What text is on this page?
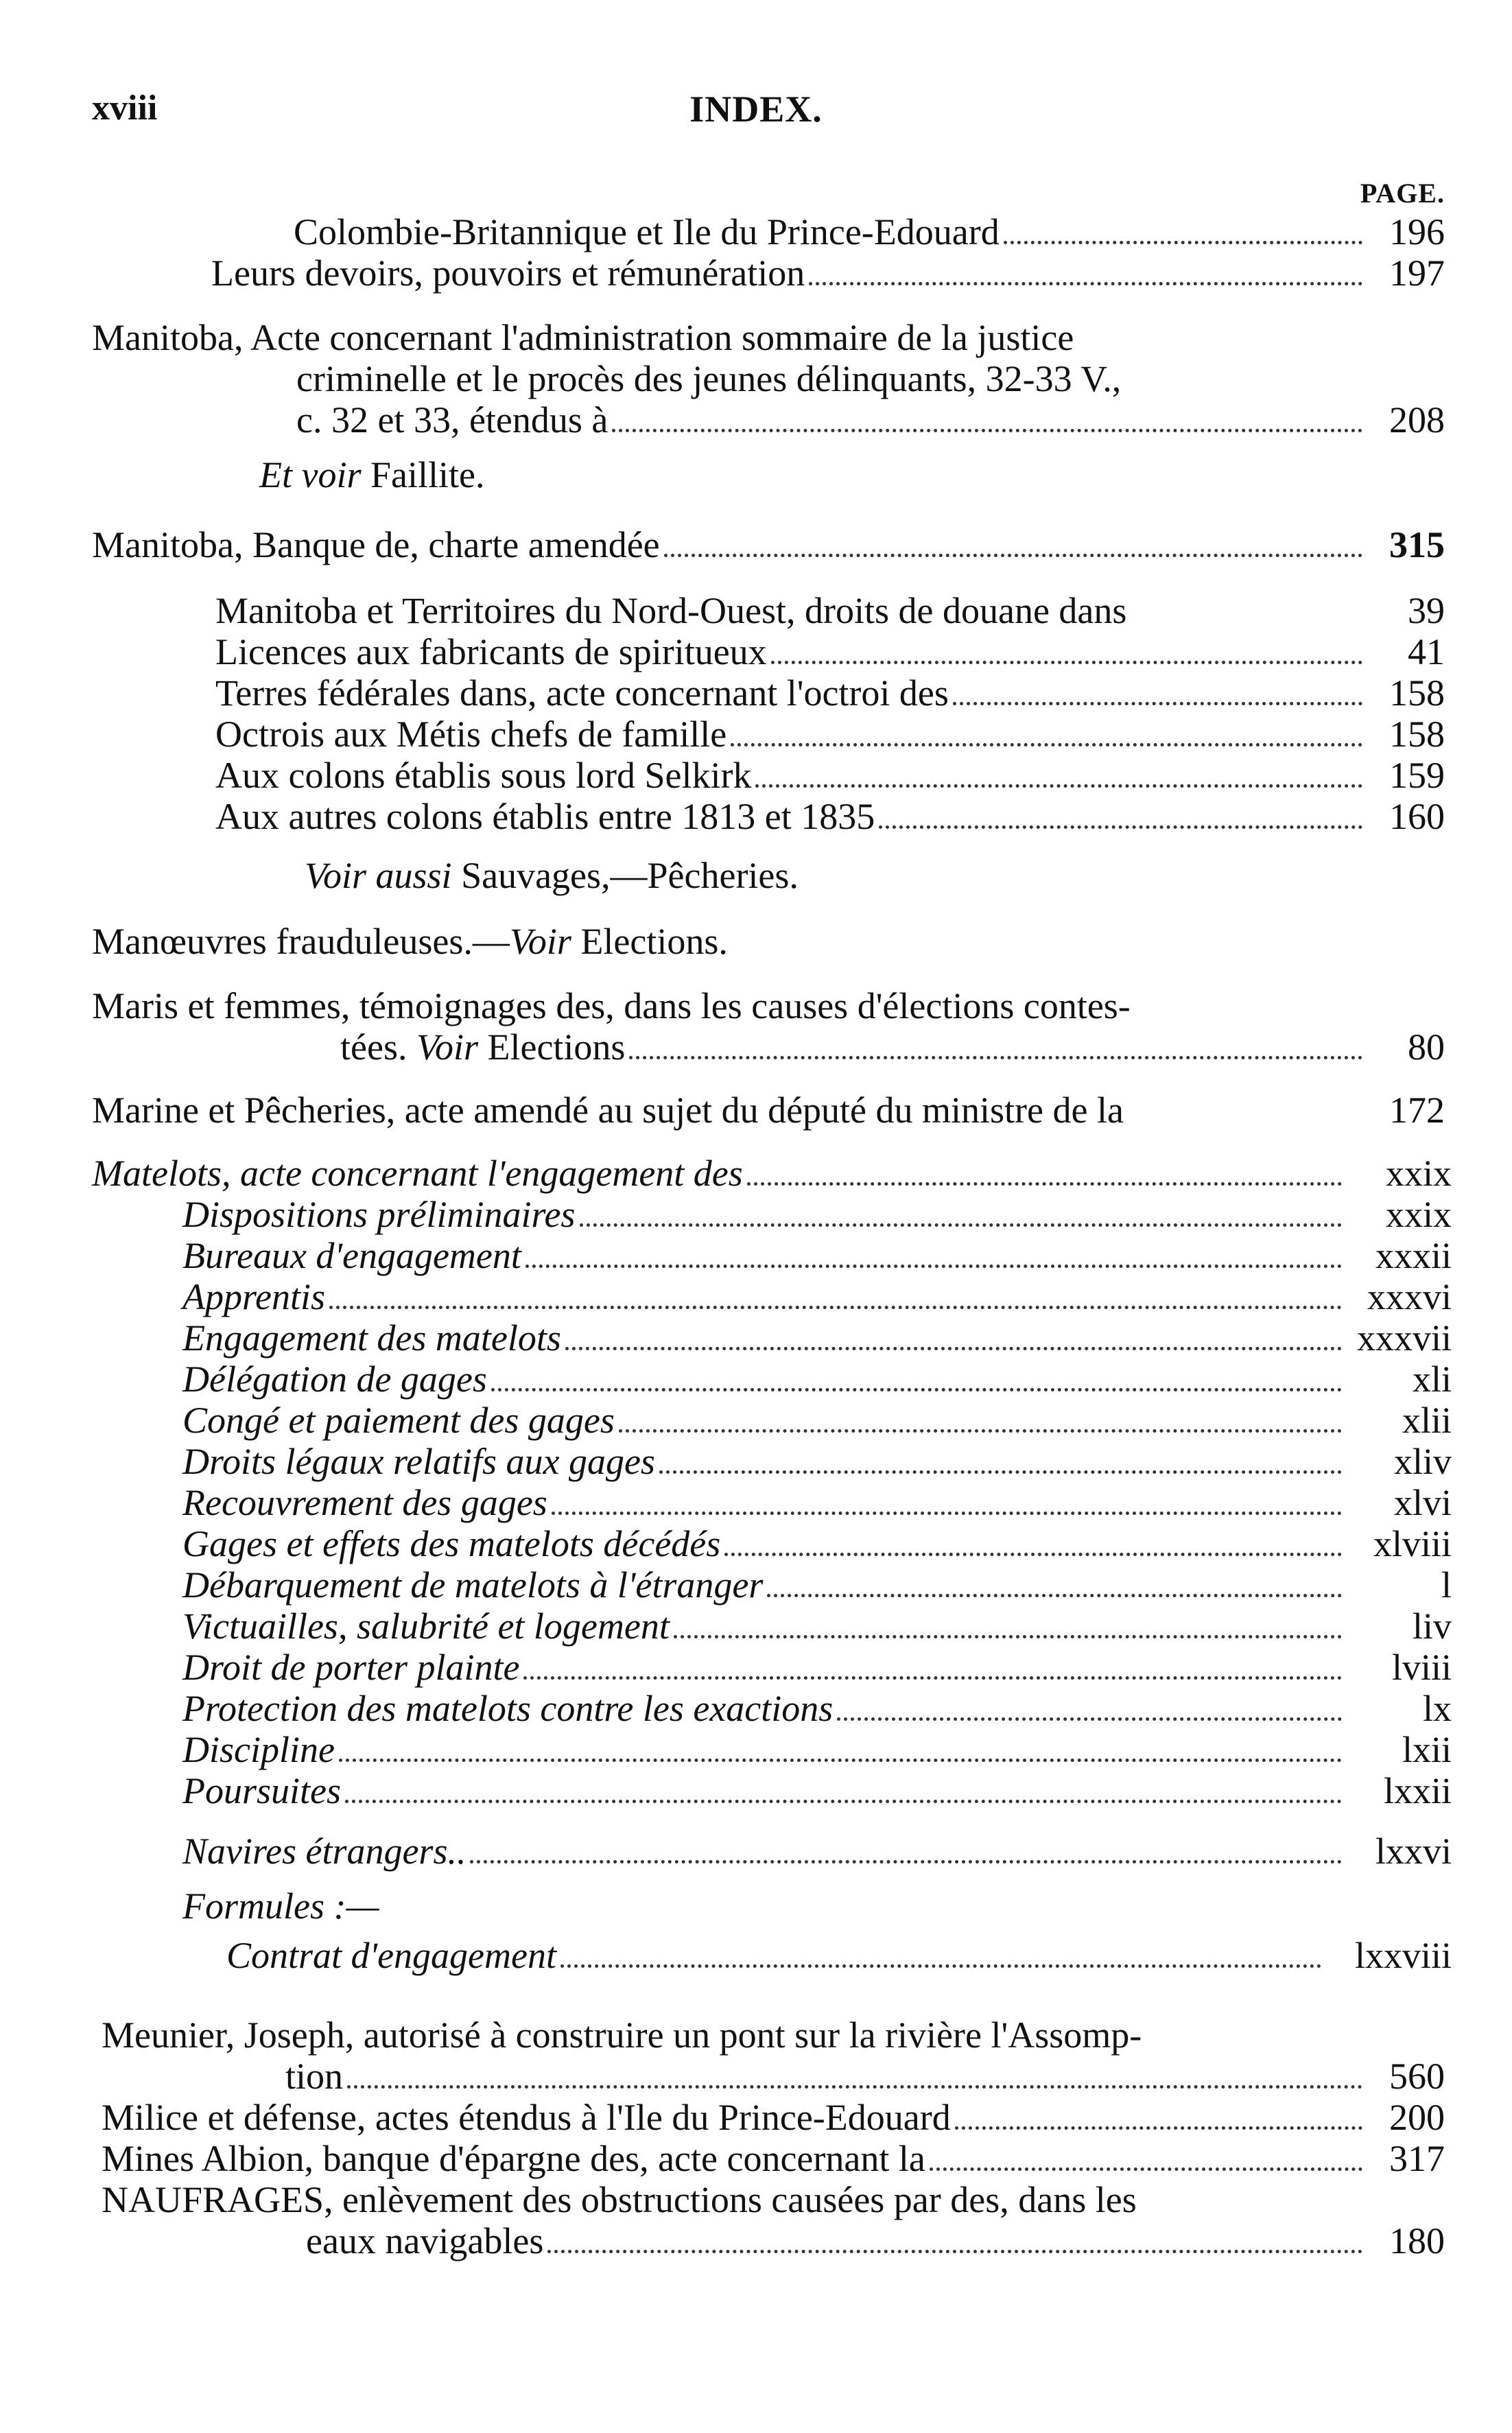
xviii	INDEX.
PAGE.
Colombie-Britannique et Ile du Prince-Edouard	196
Leurs devoirs, pouvoirs et rémunération	197
Manitoba, Acte concernant l'administration sommaire de la justice
criminelle et le procès des jeunes délinquants, 32-33 V.,
c. 32 et 33, étendus à	208
Et voir Faillite.
Manitoba, Banque de, charte amendée	315
Manitoba et Territoires du Nord-Ouest, droits de douane dans	39
Licences aux fabricants de spiritueux	41
Terres fédérales dans, acte concernant l'octroi des	158
Octrois aux Métis chefs de famille	158
Aux colons établis sous lord Selkirk	159
Aux autres colons établis entre 1813 et 1835	160
Voir aussi Sauvages,—Pêcheries.
Manœuvres frauduleuses.—Voir Elections.
Maris et femmes, témoignages des, dans les causes d'élections contes-
tées. Voir Elections	80
Marine et Pêcheries, acte amendé au sujet du député du ministre de la	172
Matelots, acte concernant l'engagement des	xxix
Dispositions préliminaires	xxix
Bureaux d'engagement	xxxii
Apprentis	xxxvi
Engagement des matelots	xxxvii
Délégation de gages	xli
Congé et paiement des gages	xlii
Droits légaux relatifs aux gages	xliv
Recouvrement des gages	xlvi
Gages et effets des matelots décédés	xlviii
Débarquement de matelots à l'étranger	l
Victuailles, salubrité et logement	liv
Droit de porter plainte	lviii
Protection des matelots contre les exactions	lx
Discipline	lxii
Poursuites	lxxii
Navires étrangers..	lxxvi
Formules :—
Contrat d'engagement	lxxviii
Meunier, Joseph, autorisé à construire un pont sur la rivière l'Assomp-
tion	560
Milice et défense, actes étendus à l'Ile du Prince-Edouard	200
Mines Albion, banque d'épargne des, acte concernant la	317
NAUFRAGES, enlèvement des obstructions causées par des, dans les
eaux navigables	180
